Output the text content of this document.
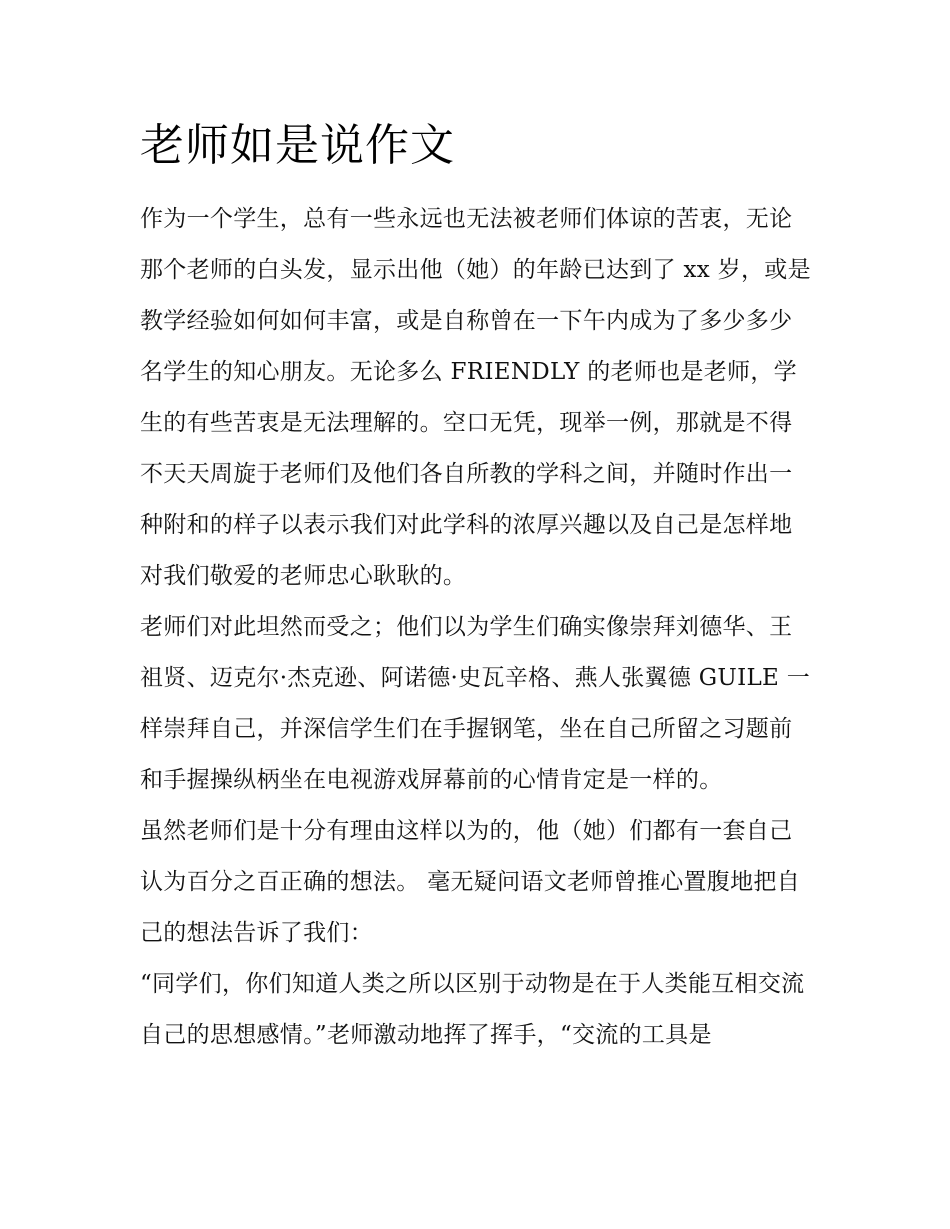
老师如是说作文

作为一个学生，总有一些永远也无法被老师们体谅的苦衷，无论那个老师的白头发，显示出他（她）的年龄已达到了 xx 岁，或是教学经验如何如何丰富，或是自称曾在一下午内成为了多少多少名学生的知心朋友。无论多么 FRIENDLY 的老师也是老师，学生的有些苦衷是无法理解的。空口无凭，现举一例，那就是不得不天天周旋于老师们及他们各自所教的学科之间，并随时作出一种附和的样子以表示我们对此学科的浓厚兴趣以及自己是怎样地对我们敬爱的老师忠心耿耿的。

老师们对此坦然而受之；他们以为学生们确实像崇拜刘德华、王祖贤、迈克尔·杰克逊、阿诺德·史瓦辛格、燕人张翼德 GUILE 一样崇拜自己，并深信学生们在手握钢笔，坐在自己所留之习题前和手握操纵柄坐在电视游戏屏幕前的心情肯定是一样的。

虽然老师们是十分有理由这样以为的，他（她）们都有一套自己认为百分之百正确的想法。 毫无疑问语文老师曾推心置腹地把自己的想法告诉了我们：

“同学们，你们知道人类之所以区别于动物是在于人类能互相交流自己的思想感情。”老师激动地挥了挥手，“交流的工具是
